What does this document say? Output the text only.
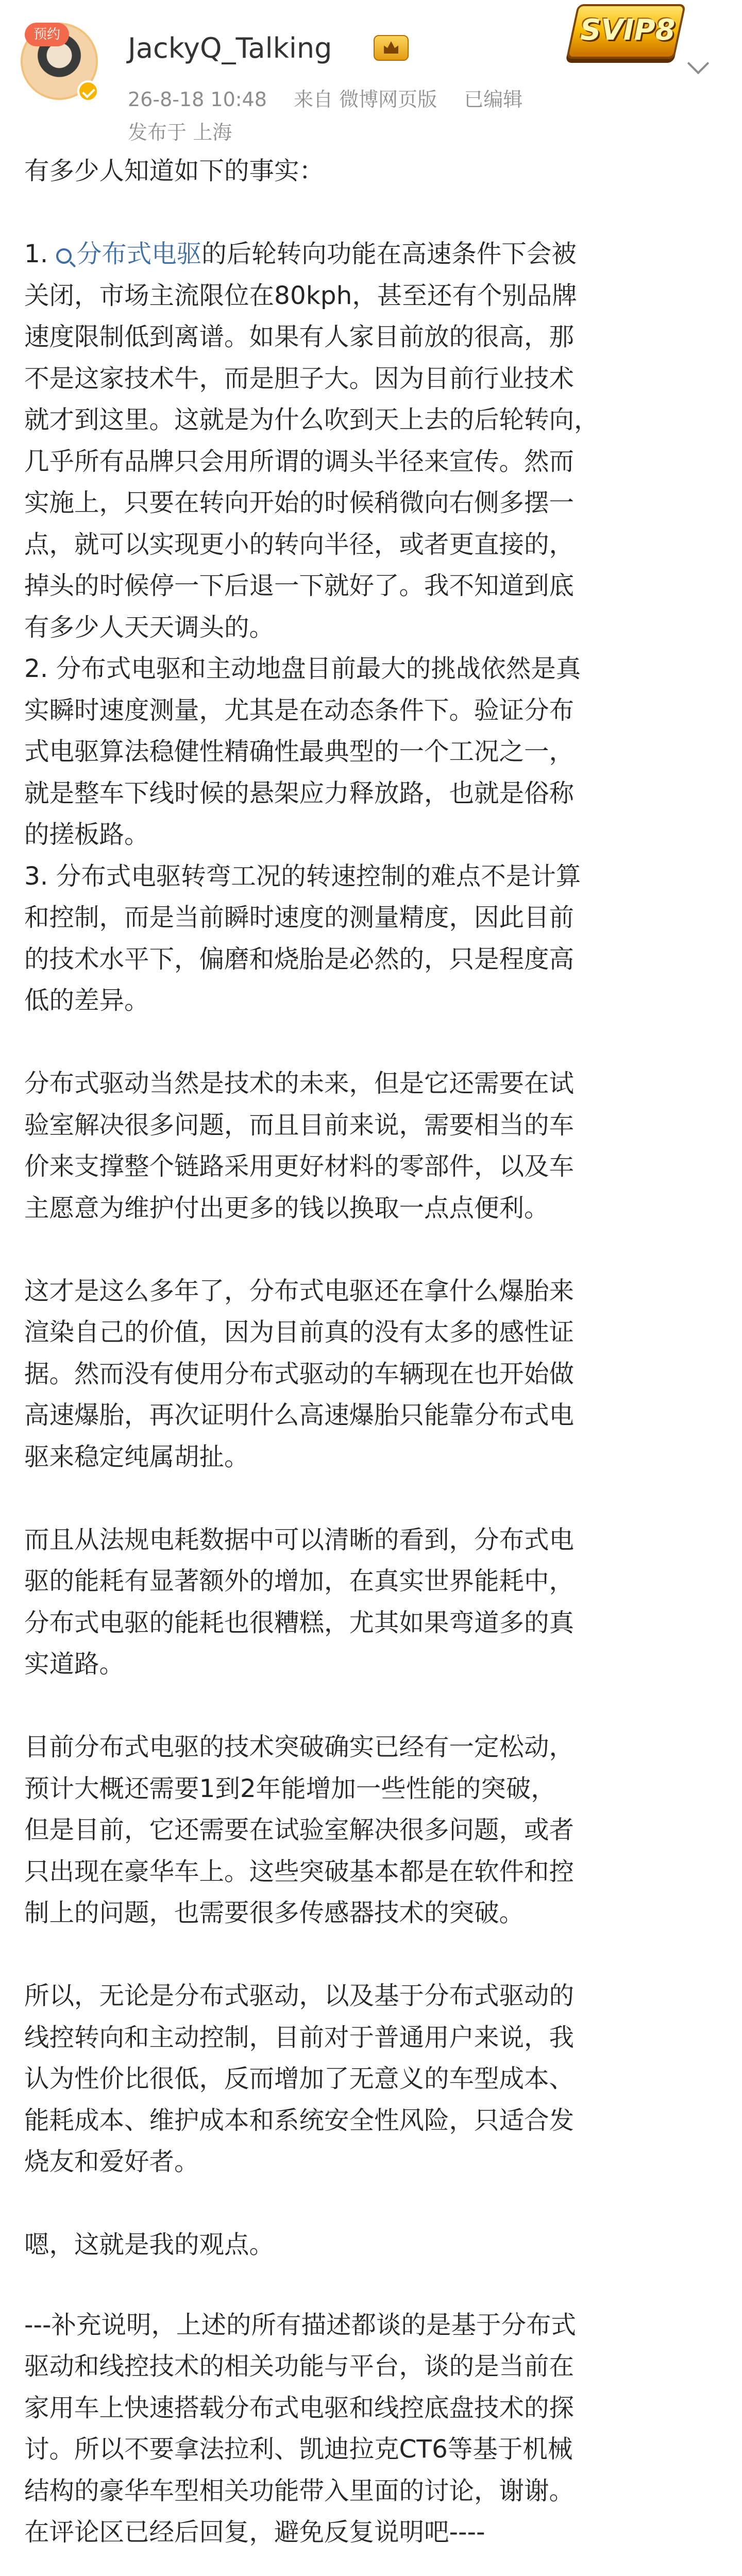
预约	JackyQ_Talking
26-8-18 10:48 来自 微博网页版 已编辑
发布于 上海
SVIP8

有多少人知道如下的事实：

1. 分布式电驱的后轮转向功能在高速条件下会被

关闭，市场主流限位在80kph，甚至还有个别品牌

速度限制低到离谱。如果有人家目前放的很高，那

不是这家技术牛，而是胆子大。因为目前行业技术

就才到这里。这就是为什么吹到天上去的后轮转向，

几乎所有品牌只会用所谓的调头半径来宣传。然而

实施上，只要在转向开始的时候稍微向右侧多摆一

点，就可以实现更小的转向半径，或者更直接的，

掉头的时候停一下后退一下就好了。我不知道到底

有多少人天天调头的。

2. 分布式电驱和主动地盘目前最大的挑战依然是真

实瞬时速度测量，尤其是在动态条件下。验证分布

式电驱算法稳健性精确性最典型的一个工况之一，

就是整车下线时候的悬架应力释放路，也就是俗称

的搓板路。

3. 分布式电驱转弯工况的转速控制的难点不是计算

和控制，而是当前瞬时速度的测量精度，因此目前

的技术水平下，偏磨和烧胎是必然的，只是程度高

低的差异。

分布式驱动当然是技术的未来，但是它还需要在试

验室解决很多问题，而且目前来说，需要相当的车

价来支撑整个链路采用更好材料的零部件，以及车

主愿意为维护付出更多的钱以换取一点点便利。

这才是这么多年了，分布式电驱还在拿什么爆胎来

渲染自己的价值，因为目前真的没有太多的感性证

据。然而没有使用分布式驱动的车辆现在也开始做

高速爆胎，再次证明什么高速爆胎只能靠分布式电

驱来稳定纯属胡扯。

而且从法规电耗数据中可以清晰的看到，分布式电

驱的能耗有显著额外的增加，在真实世界能耗中，

分布式电驱的能耗也很糟糕，尤其如果弯道多的真

实道路。

目前分布式电驱的技术突破确实已经有一定松动，

预计大概还需要1到2年能增加一些性能的突破，

但是目前，它还需要在试验室解决很多问题，或者

只出现在豪华车上。这些突破基本都是在软件和控

制上的问题，也需要很多传感器技术的突破。

所以，无论是分布式驱动，以及基于分布式驱动的

线控转向和主动控制，目前对于普通用户来说，我

认为性价比很低，反而增加了无意义的车型成本、

能耗成本、维护成本和系统安全性风险，只适合发

烧友和爱好者。

嗯，这就是我的观点。

---补充说明，上述的所有描述都谈的是基于分布式

驱动和线控技术的相关功能与平台，谈的是当前在

家用车上快速搭载分布式电驱和线控底盘技术的探

讨。所以不要拿法拉利、凯迪拉克CT6等基于机械

结构的豪华车型相关功能带入里面的讨论，谢谢。

在评论区已经后回复，避免反复说明吧----
